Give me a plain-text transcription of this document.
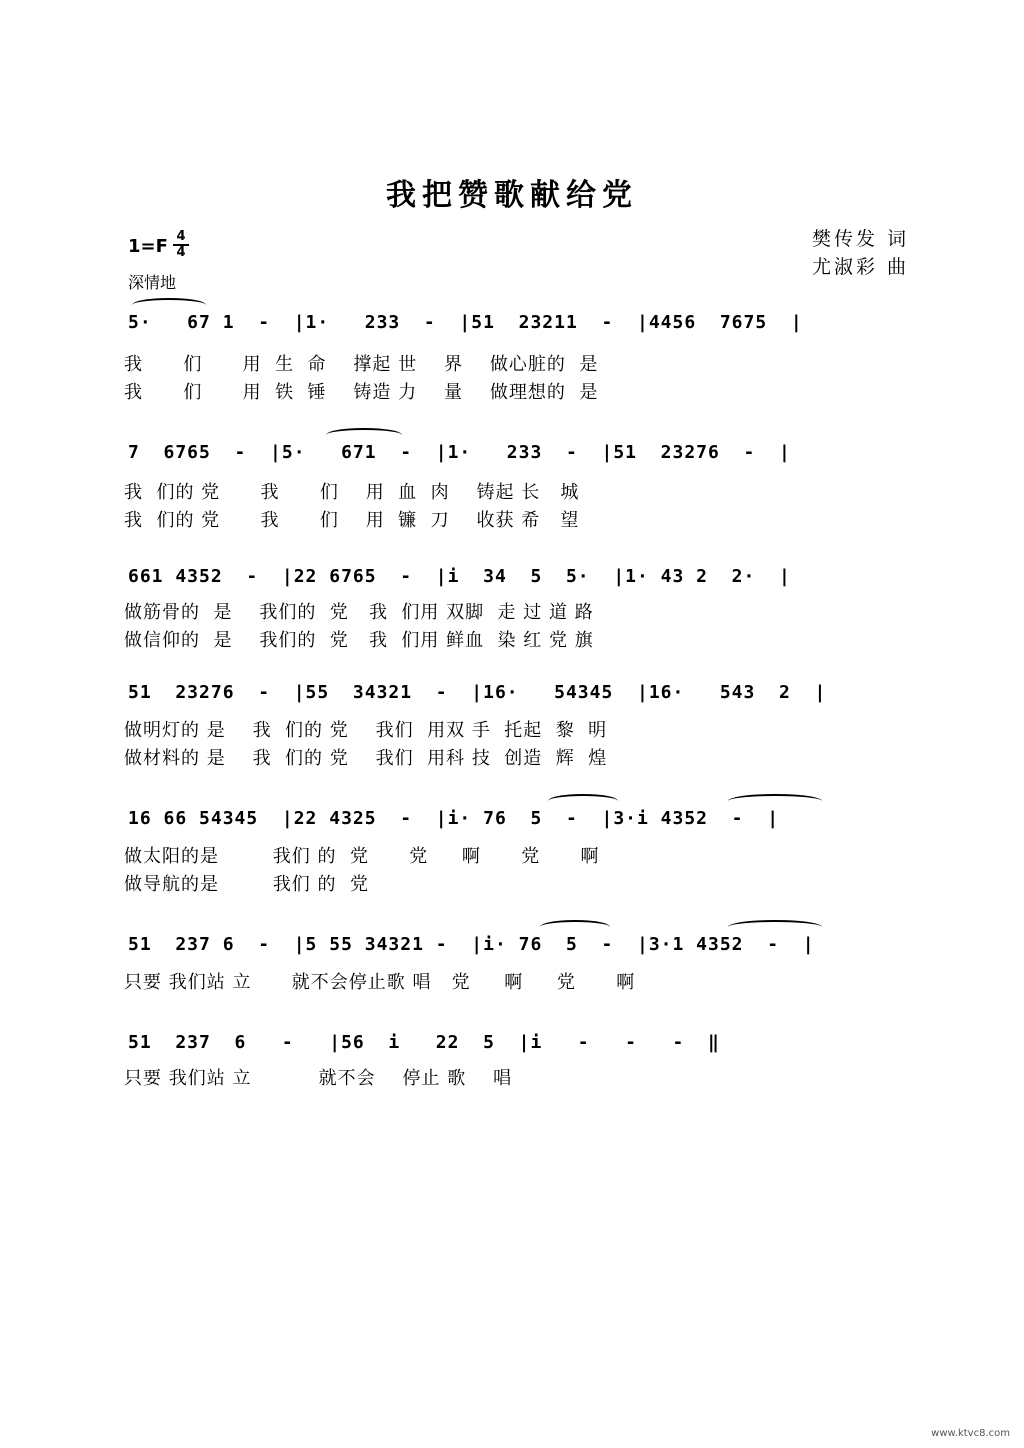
我把赞歌献给党
樊传发 词
尤淑彩 曲
1=F 4
4
深情地
5·   67 1  -  |1·   233  -  |51  23211  -  |4456  7675  |
我      们      用  生  命    撑起 世    界    做心脏的  是
我      们      用  铁  锤    铸造 力    量    做理想的  是
7  6765  -  |5·   671  -  |1·   233  -  |51  23276  -  |
我  们的 党      我      们    用  血  肉    铸起 长   城
我  们的 党      我      们    用  镰  刀    收获 希   望
661 4352  -  |22 6765  -  |i  34  5  5·  |1· 43 2  2·  |
做筋骨的  是    我们的  党   我  们用 双脚  走 过 道 路
做信仰的  是    我们的  党   我  们用 鲜血  染 红 党 旗
51  23276  -  |55  34321  -  |16·   54345  |16·   543  2  |
做明灯的 是    我  们的 党    我们  用双 手  托起  黎  明
做材料的 是    我  们的 党    我们  用科 技  创造  辉  煌
16 66 54345  |22 4325  -  |i· 76  5  -  |3·i 4352  -  |
做太阳的是        我们 的  党      党     啊      党      啊
做导航的是        我们 的  党
51  237 6  -  |5 55 34321 -  |i· 76  5  -  |3·1 4352  -  |
只要 我们站 立      就不会停止歌 唱   党     啊     党      啊
51  237  6   -   |56  i   22  5  |i   -   -   -  ‖
只要 我们站 立          就不会    停止 歌    唱
www.ktvc8.com
